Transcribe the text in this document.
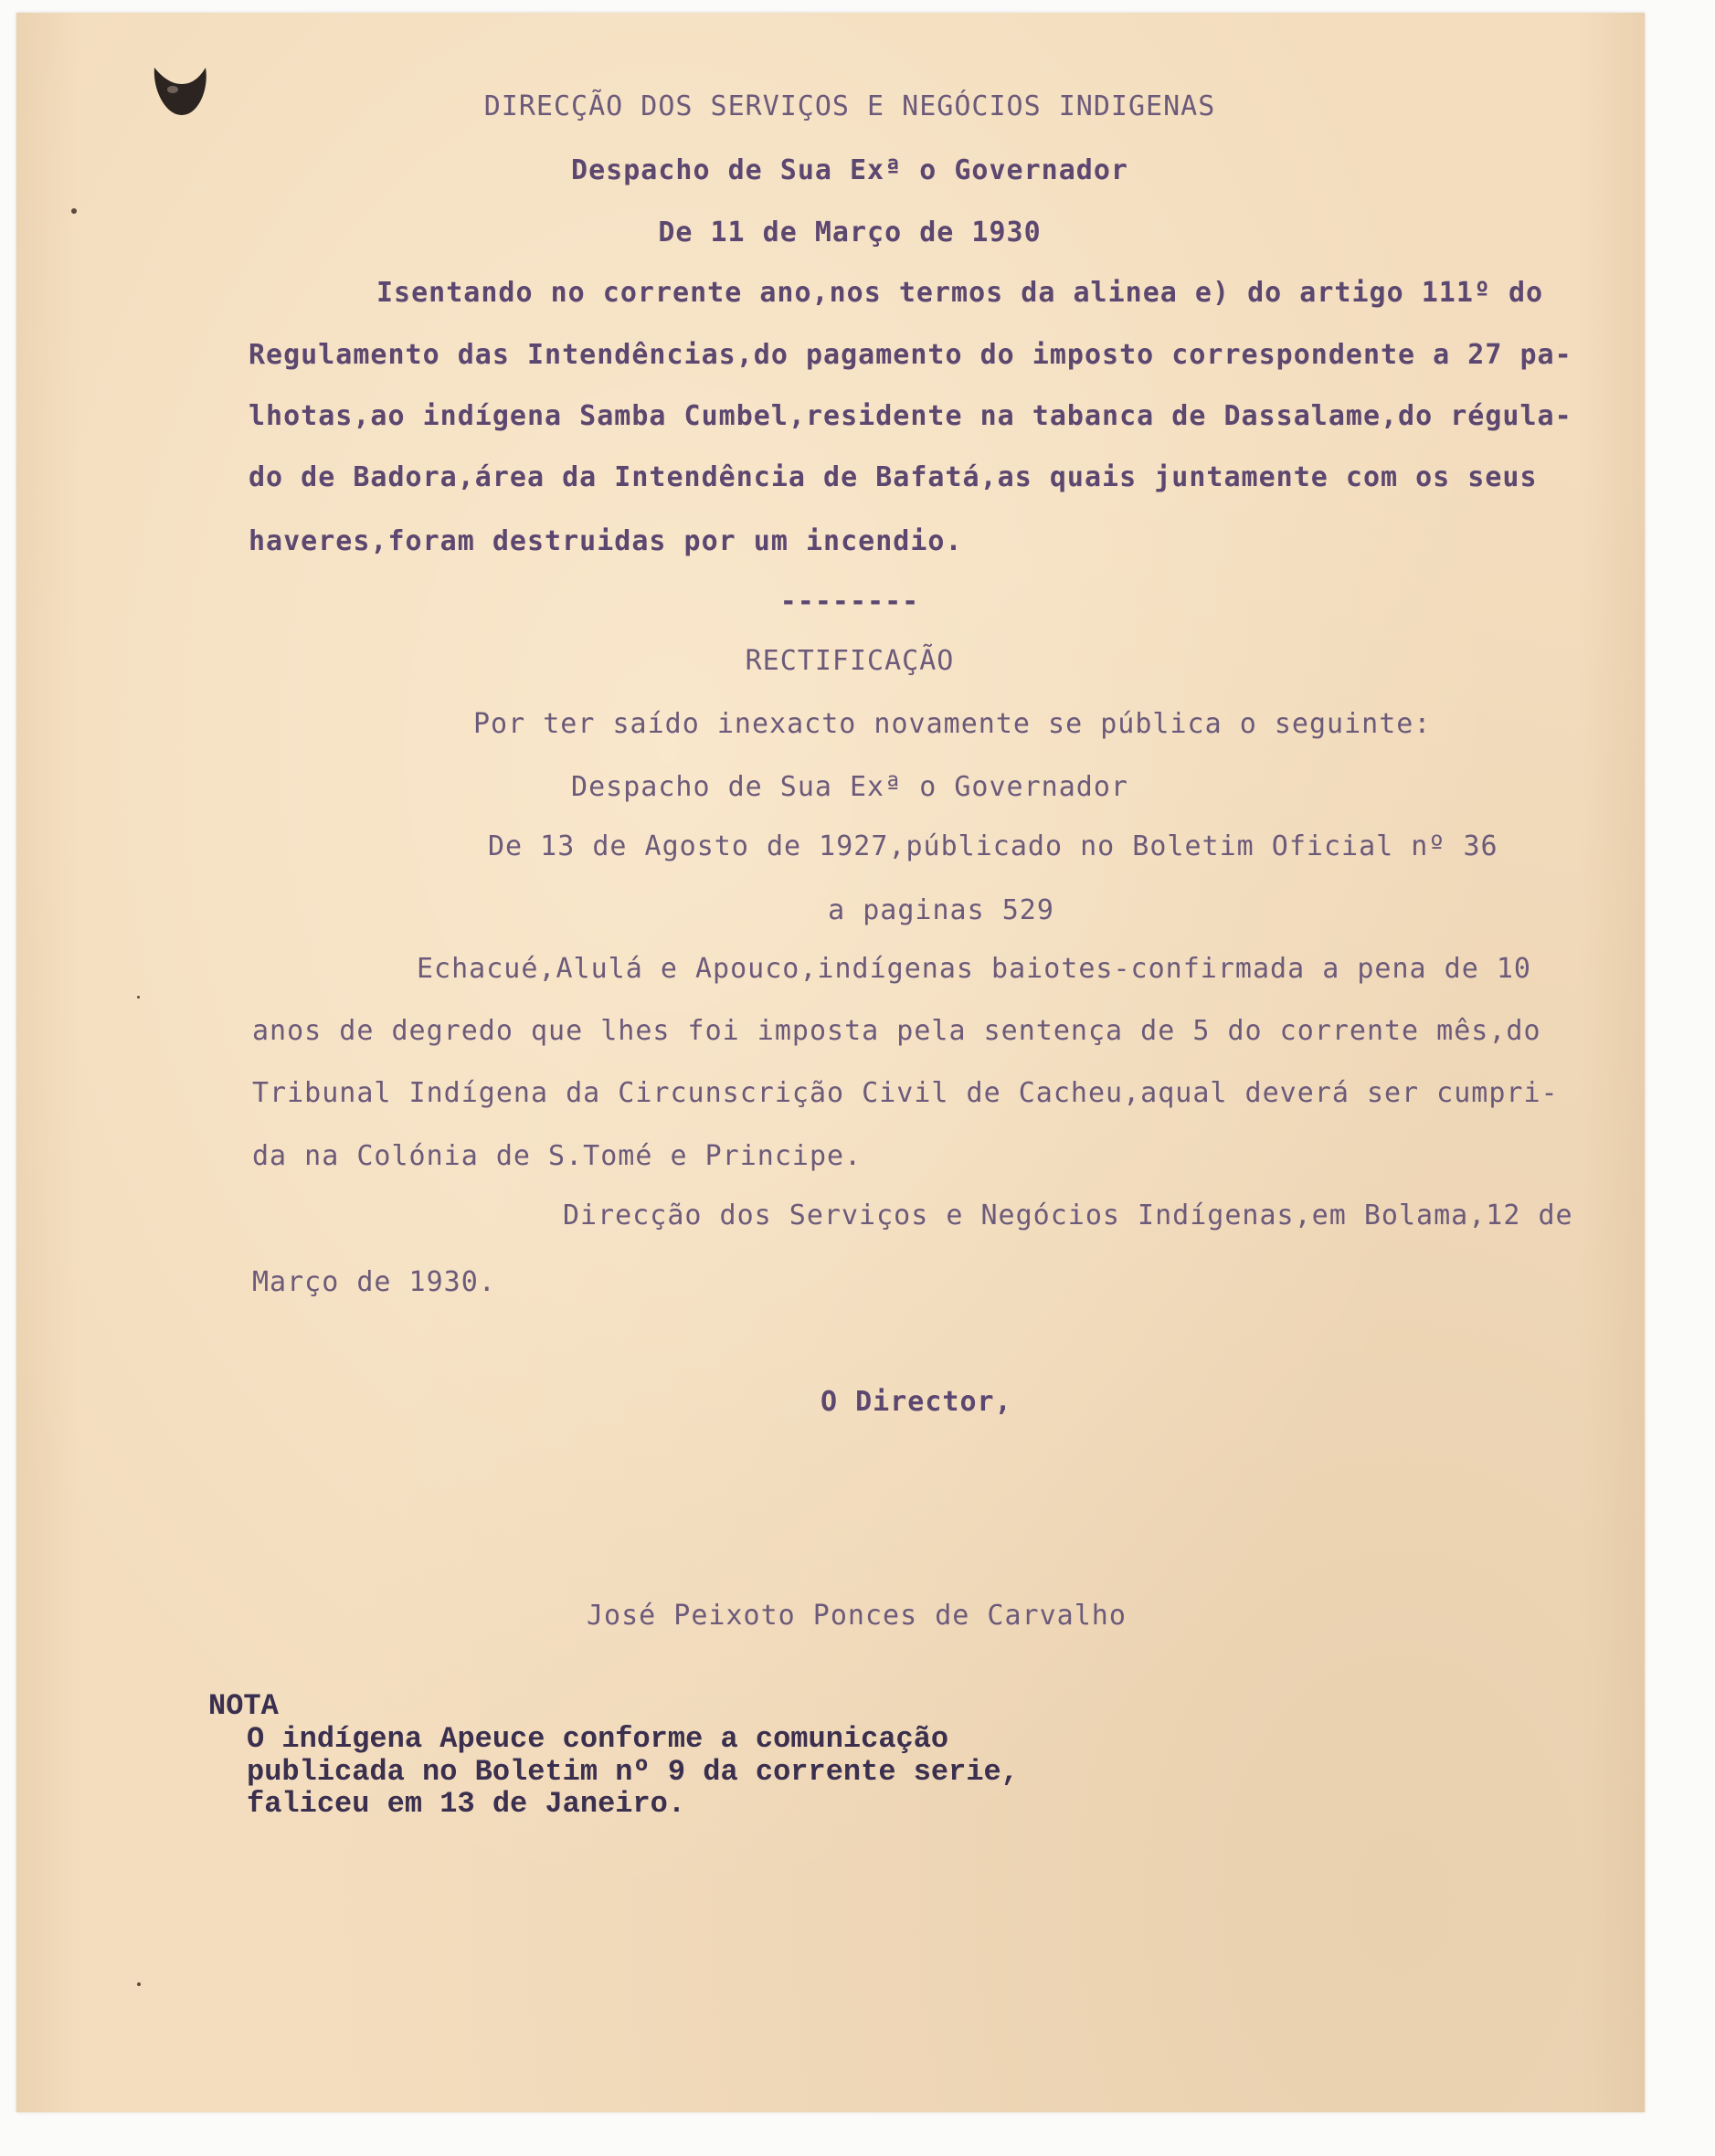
DIRECÇÃO DOS SERVIÇOS E NEGÓCIOS INDIGENAS
Despacho de Sua Exª o Governador
De 11 de Março de 1930
Isentando no corrente ano,nos termos da alinea e) do artigo 111º do
Regulamento das Intendências,do pagamento do imposto correspondente a 27 pa-
lhotas,ao indígena Samba Cumbel,residente na tabanca de Dassalame,do régula-
do de Badora,área da Intendência de Bafatá,as quais juntamente com os seus
haveres,foram destruidas por um incendio.
--------
RECTIFICAÇÃO
Por ter saído inexacto novamente se pública o seguinte:
Despacho de Sua Exª o Governador
De 13 de Agosto de 1927,públicado no Boletim Oficial nº 36
a paginas 529
Echacué,Alulá e Apouco,indígenas baiotes-confirmada a pena de 10
anos de degredo que lhes foi imposta pela sentença de 5 do corrente mês,do
Tribunal Indígena da Circunscrição Civil de Cacheu,aqual deverá ser cumpri-
da na Colónia de S.Tomé e Principe.
Direcção dos Serviços e Negócios Indígenas,em Bolama,12 de
Março de 1930.
O Director,
José Peixoto Ponces de Carvalho
NOTA
O indígena Apeuce conforme a comunicação
publicada no Boletim nº 9 da corrente serie,
faliceu em 13 de Janeiro.
